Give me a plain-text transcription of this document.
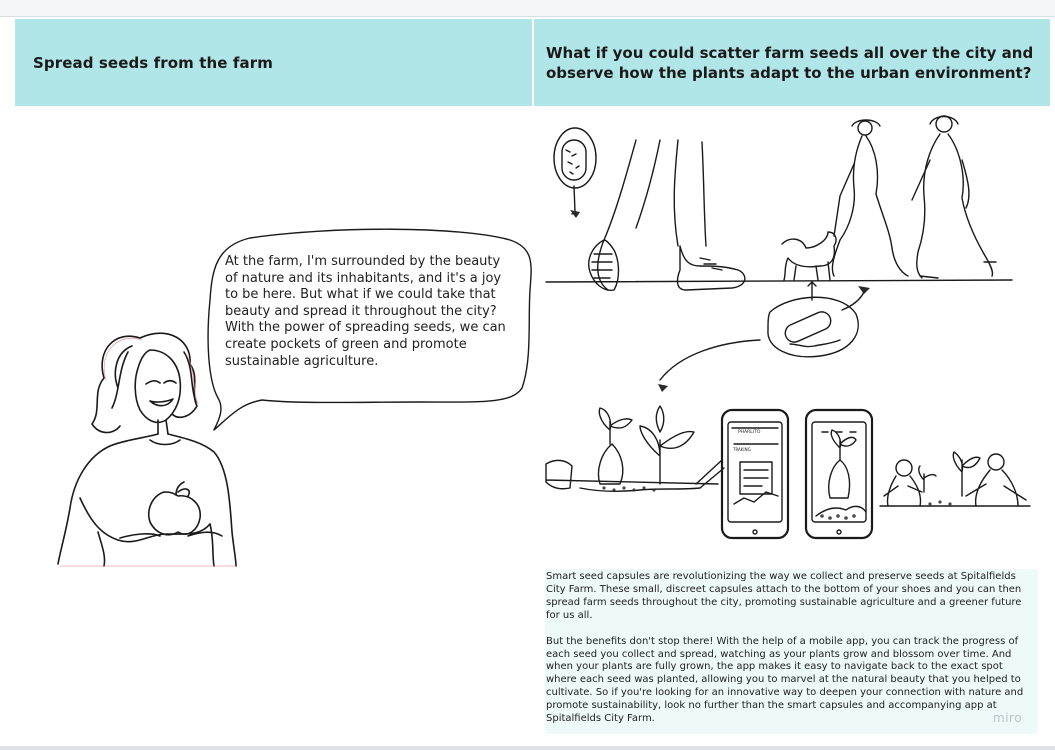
Spread seeds from the farm
What if you could scatter farm seeds all over the city and observe how the plants adapt to the urban environment?
PHARLITO
TRAKING
At the farm, I'm surrounded by the beauty of nature and its inhabitants, and it's a joy to be here. But what if we could take that beauty and spread it throughout the city? With the power of spreading seeds, we can create pockets of green and promote sustainable agriculture.

Smart seed capsules are revolutionizing the way we collect and preserve seeds at Spitalfields City Farm. These small, discreet capsules attach to the bottom of your shoes and you can then spread farm seeds throughout the city, promoting sustainable agriculture and a greener future for us all.

But the benefits don't stop there! With the help of a mobile app, you can track the progress of each seed you collect and spread, watching as your plants grow and blossom over time. And when your plants are fully grown, the app makes it easy to navigate back to the exact spot where each seed was planted, allowing you to marvel at the natural beauty that you helped to cultivate. So if you're looking for an innovative way to deepen your connection with nature and promote sustainability, look no further than the smart capsules and accompanying app at Spitalfields City Farm.	miro
